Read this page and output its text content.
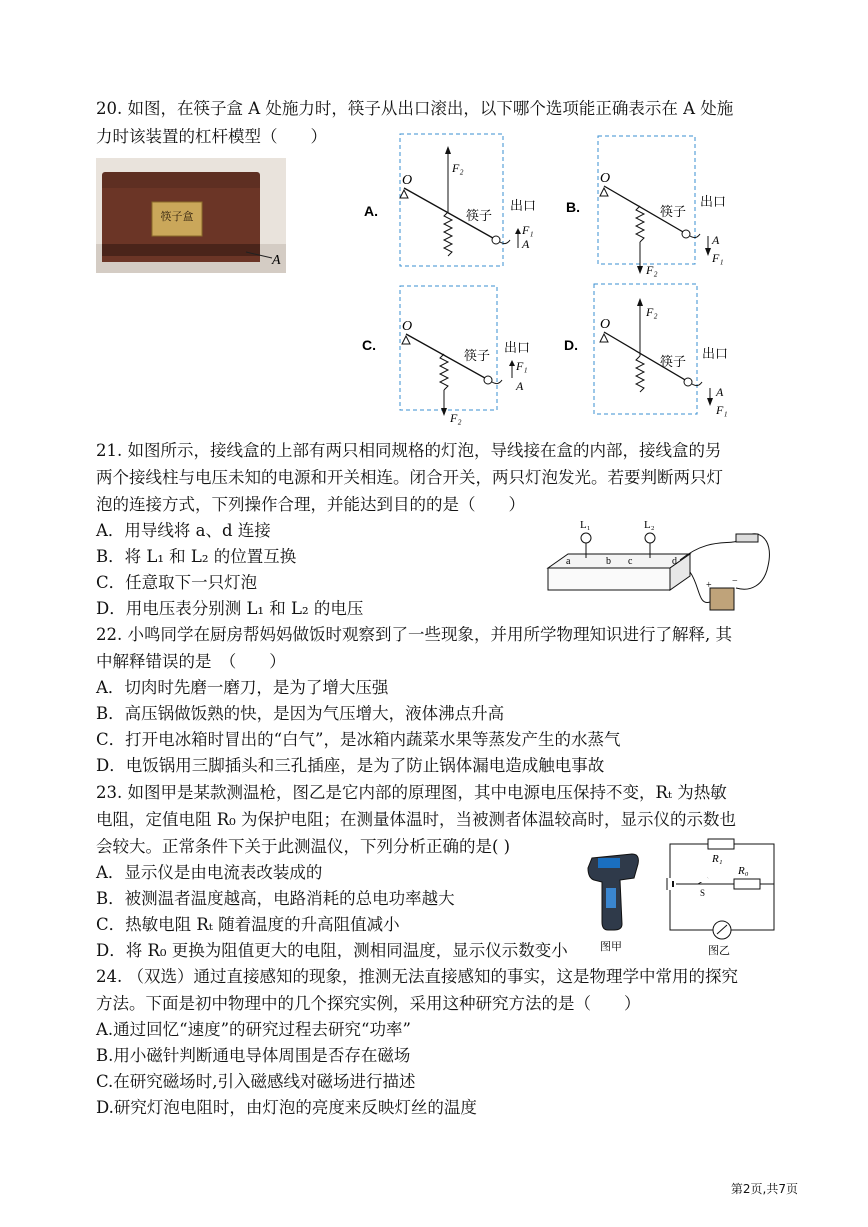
20. 如图，在筷子盒 A 处施力时，筷子从出口滚出，以下哪个选项能正确表示在 A 处施
力时该装置的杠杆模型（　　）
筷子盒
A
A.
O
F₂
F₁
A
筷子
出口 B.
O
F₂
A
F₁
筷子
出口
C.
O
F₂
F₁
A
筷子
出口 D.
O
F₂
A
F₁
筷子
出口
21. 如图所示，接线盒的上部有两只相同规格的灯泡，导线接在盒的内部，接线盒的另
两个接线柱与电压未知的电源和开关相连。闭合开关，两只灯泡发光。若要判断两只灯
泡的连接方式，下列操作合理，并能达到目的的是（　　）
A．用导线将 a、d 连接
B．将 L₁ 和 L₂ 的位置互换
C．任意取下一只灯泡
D．用电压表分别测 L₁ 和 L₂ 的电压
L₁	L₂
a	b c	d
+ −
22. 小鸣同学在厨房帮妈妈做饭时观察到了一些现象，并用所学物理知识进行了解释, 其
中解释错误的是　（　　）
A．切肉时先磨一磨刀，是为了增大压强
B．高压锅做饭熟的快，是因为气压增大，液体沸点升高
C．打开电冰箱时冒出的“白气”，是冰箱内蔬菜水果等蒸发产生的水蒸气
D．电饭锅用三脚插头和三孔插座，是为了防止锅体漏电造成触电事故
23. 如图甲是某款测温枪，图乙是它内部的原理图，其中电源电压保持不变，Rₜ 为热敏
电阻，定值电阻 R₀ 为保护电阻；在测量体温时，当被测者体温较高时，显示仪的示数也
会较大。正常条件下关于此测温仪，下列分析正确的是( )
A．显示仪是由电流表改装成的
B．被测温者温度越高，电路消耗的总电功率越大
C．热敏电阻 Rₜ 随着温度的升高阻值减小
D．将 R₀ 更换为阻值更大的电阻，测相同温度，显示仪示数变小	图甲
R₁
S
R₀
图乙
24. （双选）通过直接感知的现象，推测无法直接感知的事实，这是物理学中常用的探究
方法。下面是初中物理中的几个探究实例，采用这种研究方法的是（　　）
A.通过回忆“速度”的研究过程去研究“功率”
B.用小磁针判断通电导体周围是否存在磁场
C.在研究磁场时,引入磁感线对磁场进行描述
D.研究灯泡电阻时，由灯泡的亮度来反映灯丝的温度
第2页,共7页
